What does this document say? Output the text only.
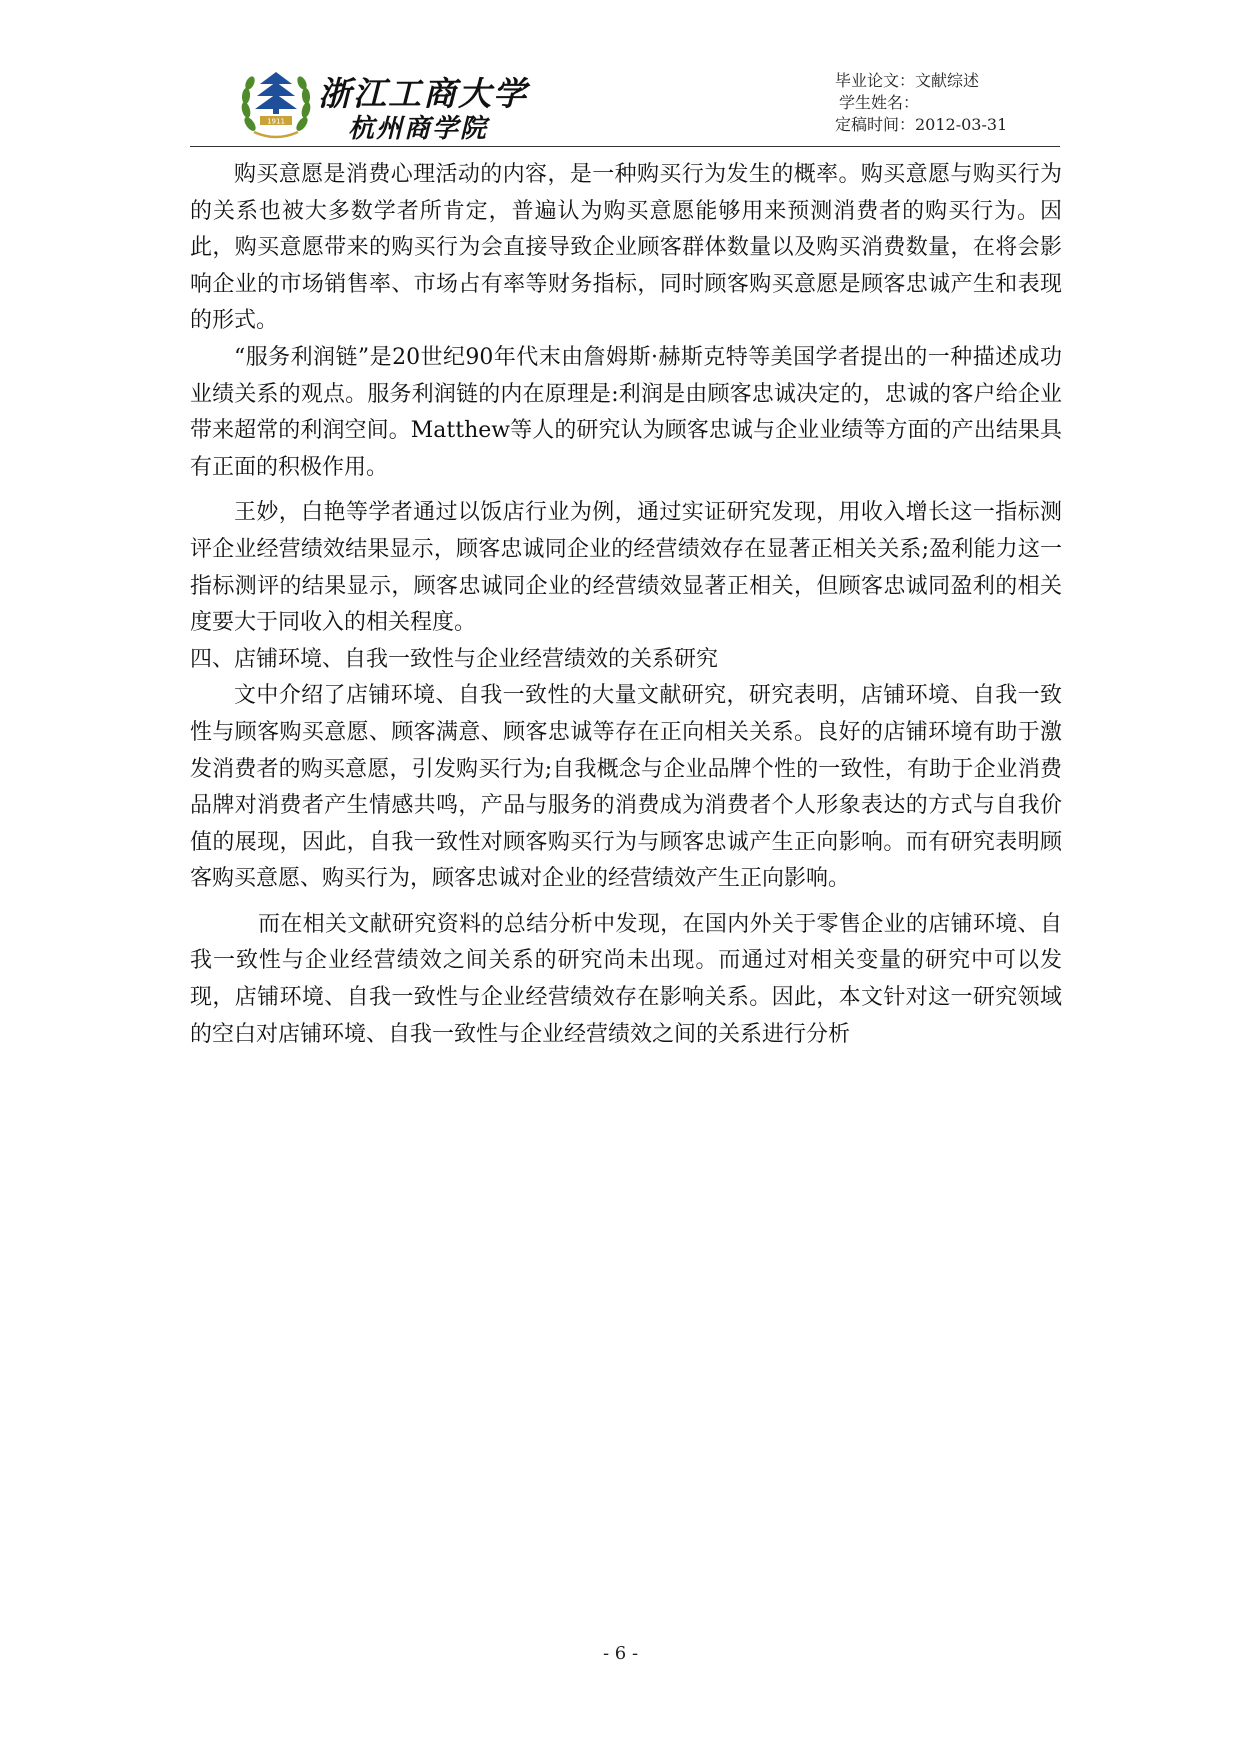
1911
浙江工商大学
杭州商学院
毕业论文：文献综述
学生姓名：
定稿时间：2012-03-31

购买意愿是消费心理活动的内容，是一种购买行为发生的概率。购买意愿与购买行为的关系也被大多数学者所肯定，普遍认为购买意愿能够用来预测消费者的购买行为。因此，购买意愿带来的购买行为会直接导致企业顾客群体数量以及购买消费数量，在将会影响企业的市场销售率、市场占有率等财务指标，同时顾客购买意愿是顾客忠诚产生和表现的形式。

“服务利润链”是20世纪90年代末由詹姆斯·赫斯克特等美国学者提出的一种描述成功业绩关系的观点。服务利润链的内在原理是:利润是由顾客忠诚决定的，忠诚的客户给企业带来超常的利润空间。Matthew等人的研究认为顾客忠诚与企业业绩等方面的产出结果具有正面的积极作用。

王妙，白艳等学者通过以饭店行业为例，通过实证研究发现，用收入增长这一指标测评企业经营绩效结果显示，顾客忠诚同企业的经营绩效存在显著正相关关系;盈利能力这一指标测评的结果显示，顾客忠诚同企业的经营绩效显著正相关，但顾客忠诚同盈利的相关度要大于同收入的相关程度。

四、店铺环境、自我一致性与企业经营绩效的关系研究

文中介绍了店铺环境、自我一致性的大量文献研究，研究表明，店铺环境、自我一致性与顾客购买意愿、顾客满意、顾客忠诚等存在正向相关关系。良好的店铺环境有助于激发消费者的购买意愿，引发购买行为;自我概念与企业品牌个性的一致性，有助于企业消费品牌对消费者产生情感共鸣，产品与服务的消费成为消费者个人形象表达的方式与自我价值的展现，因此，自我一致性对顾客购买行为与顾客忠诚产生正向影响。而有研究表明顾客购买意愿、购买行为，顾客忠诚对企业的经营绩效产生正向影响。

而在相关文献研究资料的总结分析中发现，在国内外关于零售企业的店铺环境、自我一致性与企业经营绩效之间关系的研究尚未出现。而通过对相关变量的研究中可以发现，店铺环境、自我一致性与企业经营绩效存在影响关系。因此，本文针对这一研究领域的空白对店铺环境、自我一致性与企业经营绩效之间的关系进行分析

- 6 -
